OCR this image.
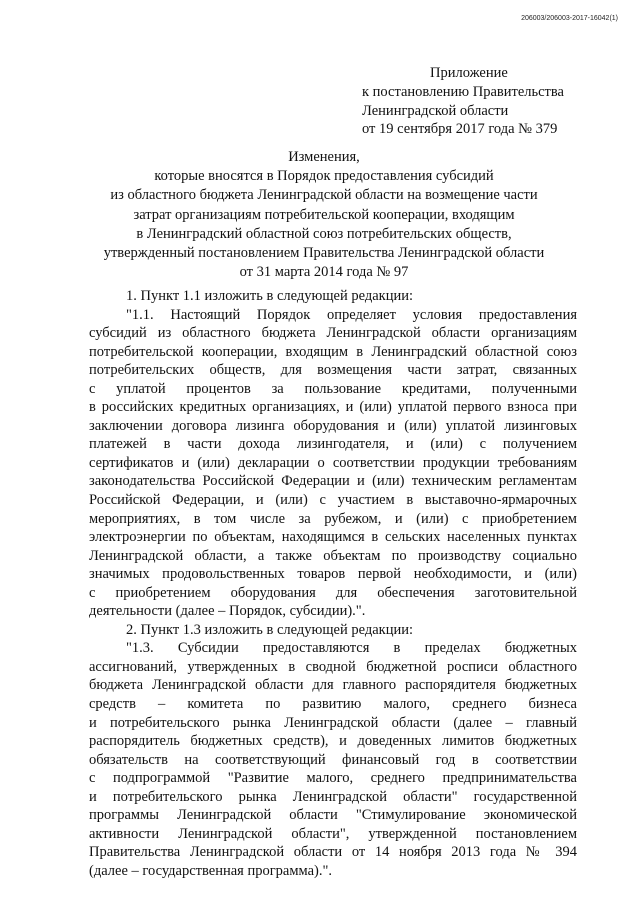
206003/206003-2017-16042(1)
Приложение
к постановлению Правительства
Ленинградской области
от 19 сентября 2017 года № 379
Изменения,
которые вносятся в Порядок предоставления субсидий
из областного бюджета Ленинградской области на возмещение части
затрат организациям потребительской кооперации, входящим
в Ленинградский областной союз потребительских обществ,
утвержденный постановлением Правительства Ленинградской области
от 31 марта 2014 года № 97
1. Пункт 1.1 изложить в следующей редакции:
"1.1. Настоящий Порядок определяет условия предоставления
субсидий из областного бюджета Ленинградской области организациям
потребительской кооперации, входящим в Ленинградский областной союз
потребительских обществ, для возмещения части затрат, связанных
с уплатой процентов за пользование кредитами, полученными
в российских кредитных организациях, и (или) уплатой первого взноса при
заключении договора лизинга оборудования и (или) уплатой лизинговых
платежей в части дохода лизингодателя, и (или) с получением
сертификатов и (или) декларации о соответствии продукции требованиям
законодательства Российской Федерации и (или) техническим регламентам
Российской Федерации, и (или) с участием в выставочно-ярмарочных
мероприятиях, в том числе за рубежом, и (или) с приобретением
электроэнергии по объектам, находящимся в сельских населенных пунктах
Ленинградской области, а также объектам по производству социально
значимых продовольственных товаров первой необходимости, и (или)
с приобретением оборудования для обеспечения заготовительной
деятельности (далее – Порядок, субсидии).".
2. Пункт 1.3 изложить в следующей редакции:
"1.3. Субсидии предоставляются в пределах бюджетных
ассигнований, утвержденных в сводной бюджетной росписи областного
бюджета Ленинградской области для главного распорядителя бюджетных
средств – комитета по развитию малого, среднего бизнеса
и потребительского рынка Ленинградской области (далее – главный
распорядитель бюджетных средств), и доведенных лимитов бюджетных
обязательств на соответствующий финансовый год в соответствии
с подпрограммой "Развитие малого, среднего предпринимательства
и потребительского рынка Ленинградской области" государственной
программы Ленинградской области "Стимулирование экономической
активности Ленинградской области", утвержденной постановлением
Правительства Ленинградской области от 14 ноября 2013 года № 394
(далее – государственная программа).".
